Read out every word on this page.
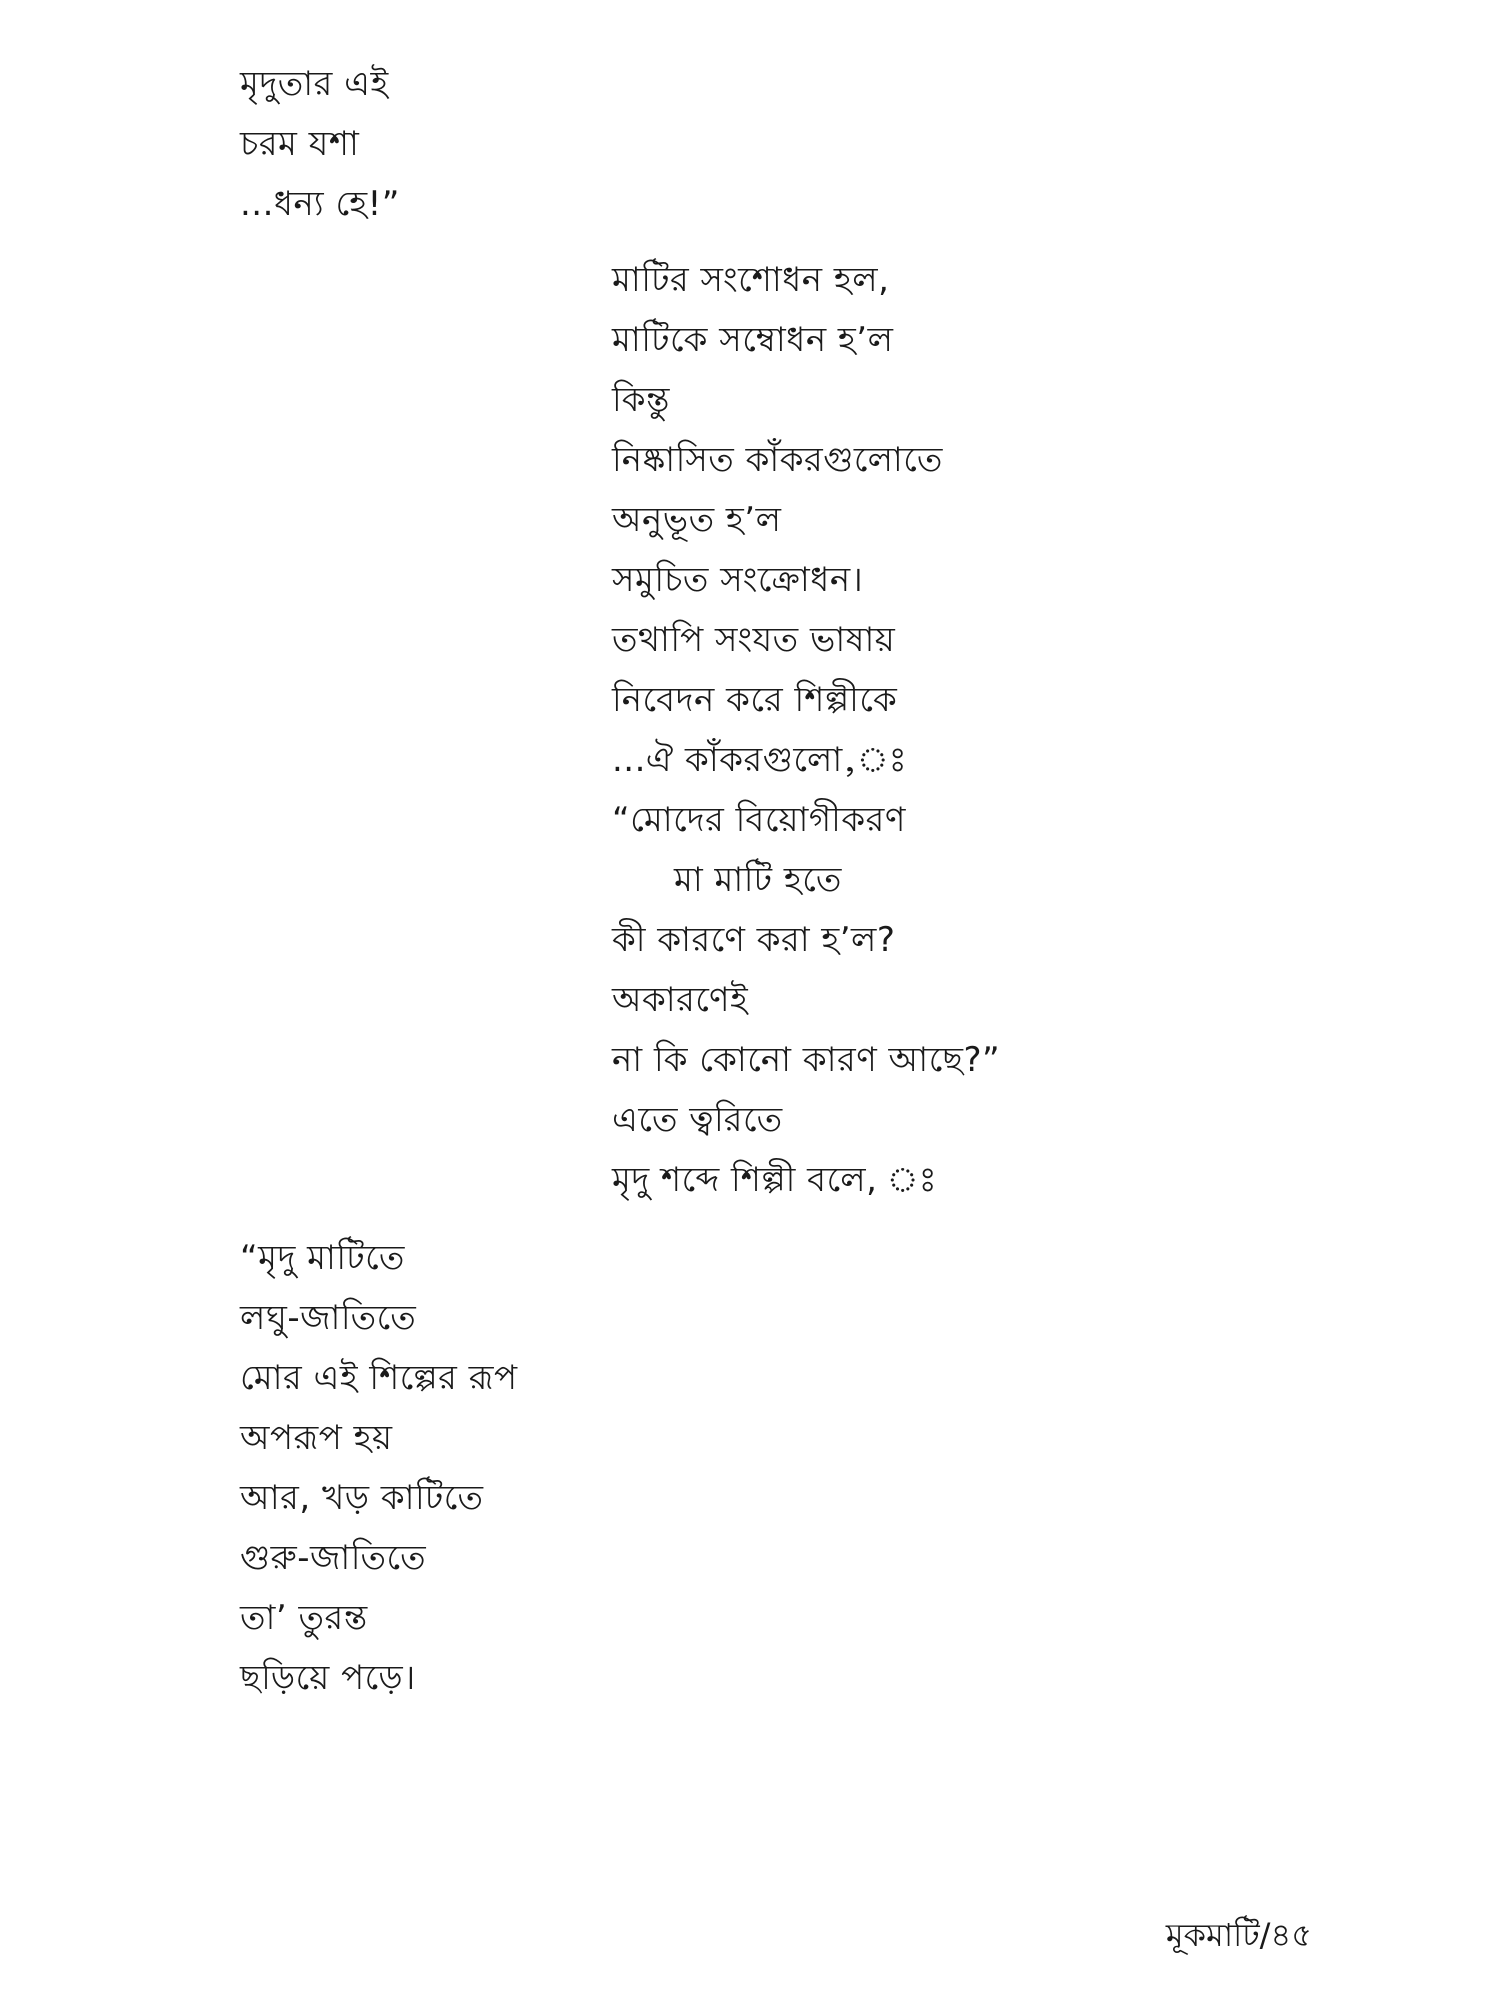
মৃদুতার এই
চরম যশা
...ধন্য হে!”
মাটির সংশোধন হল,
মাটিকে সম্বোধন হ’ল
কিন্তু
নিষ্কাসিত কাঁকরগুলোতে
অনুভূত হ’ল
সমুচিত সংক্রোধন।
তথাপি সংযত ভাষায়
নিবেদন করে শিল্পীকে
...ঐ কাঁকরগুলো,ঃ
“মোদের বিয়োগীকরণ
মা মাটি হতে
কী কারণে করা হ’ল?
অকারণেই
না কি কোনো কারণ আছে?”
এতে ত্বরিতে
মৃদু শব্দে শিল্পী বলে, ঃ
“মৃদু মাটিতে
লঘু-জাতিতে
মোর এই শিল্পের রূপ
অপরূপ হয়
আর, খড় কাটিতে
গুরু-জাতিতে
তা’ তুরন্ত
ছড়িয়ে পড়ে।
মূকমাটি/৪৫
